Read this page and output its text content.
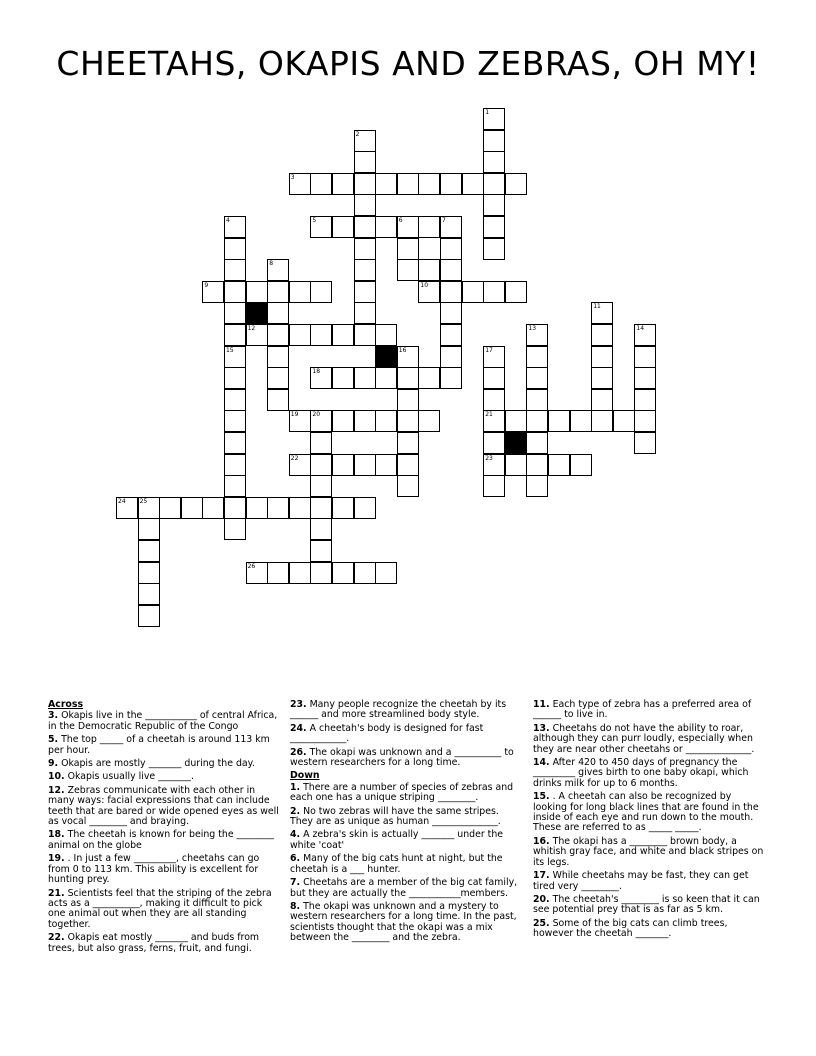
CHEETAHS, OKAPIS AND ZEBRAS, OH MY!
1
2
3
4	5	6	7
8
9	10
11
12	13	14
15	16	17
18
19 20	21
22	23
24 25
26
Across
3. Okapis live in the ___________ of central Africa, in the Democratic Republic of the Congo
5. The top _____ of a cheetah is around 113 km per hour.
9. Okapis are mostly _______ during the day.
10. Okapis usually live _______.
12. Zebras communicate with each other in many ways: facial expressions that can include teeth that are bared or wide opened eyes as well as vocal ________ and braying.
18. The cheetah is known for being the ________ animal on the globe
19. . In just a few _________, cheetahs can go from 0 to 113 km. This ability is excellent for hunting prey.
21. Scientists feel that the striping of the zebra acts as a __________, making it difficult to pick one animal out when they are all standing together.
22. Okapis eat mostly _______ and buds from trees, but also grass, ferns, fruit, and fungi.
23. Many people recognize the cheetah by its ______ and more streamlined body style.
24. A cheetah's body is designed for fast ____________.
26. The okapi was unknown and a __________ to western researchers for a long time.
Down
1. There are a number of species of zebras and each one has a unique striping ________.
2. No two zebras will have the same stripes. They are as unique as human ______________.
4. A zebra's skin is actually _______ under the white 'coat'
6. Many of the big cats hunt at night, but the cheetah is a ___ hunter.
7. Cheetahs are a member of the big cat family, but they are actually the ___________members.
8. The okapi was unknown and a mystery to western researchers for a long time. In the past, scientists thought that the okapi was a mix between the ________ and the zebra.
11. Each type of zebra has a preferred area of ______ to live in.
13. Cheetahs do not have the ability to roar, although they can purr loudly, especially when they are near other cheetahs or ______________.
14. After 420 to 450 days of pregnancy the _________ gives birth to one baby okapi, which drinks milk for up to 6 months.
15. . A cheetah can also be recognized by looking for long black lines that are found in the inside of each eye and run down to the mouth. These are referred to as _____ _____.
16. The okapi has a ________ brown body, a whitish gray face, and white and black stripes on its legs.
17. While cheetahs may be fast, they can get tired very ________.
20. The cheetah's ________ is so keen that it can see potential prey that is as far as 5 km.
25. Some of the big cats can climb trees, however the cheetah _______.
